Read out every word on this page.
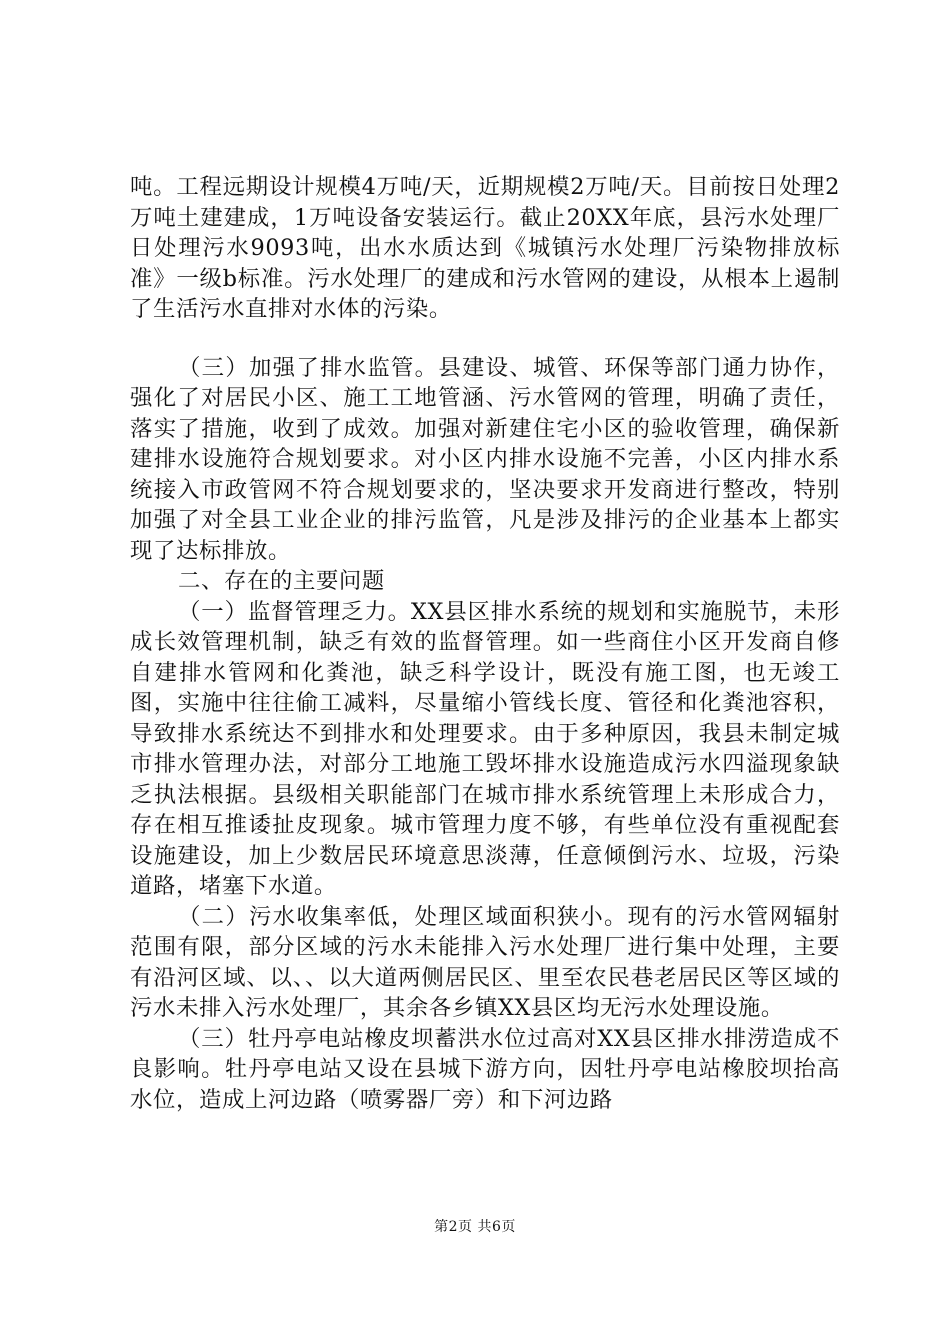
吨。工程远期设计规模4万吨/天，近期规模2万吨/天。目前按日处理2万吨土建建成，1万吨设备安装运行。截止20XX年底，县污水处理厂日处理污水9093吨，出水水质达到《城镇污水处理厂污染物排放标准》一级b标准。污水处理厂的建成和污水管网的建设，从根本上遏制了生活污水直排对水体的污染。

（三）加强了排水监管。县建设、城管、环保等部门通力协作，强化了对居民小区、施工工地管涵、污水管网的管理，明确了责任，落实了措施，收到了成效。加强对新建住宅小区的验收管理，确保新建排水设施符合规划要求。对小区内排水设施不完善，小区内排水系统接入市政管网不符合规划要求的，坚决要求开发商进行整改，特别加强了对全县工业企业的排污监管，凡是涉及排污的企业基本上都实现了达标排放。

二、存在的主要问题

（一）监督管理乏力。XX县区排水系统的规划和实施脱节，未形成长效管理机制，缺乏有效的监督管理。如一些商住小区开发商自修自建排水管网和化粪池，缺乏科学设计，既没有施工图，也无竣工图，实施中往往偷工减料，尽量缩小管线长度、管径和化粪池容积，导致排水系统达不到排水和处理要求。由于多种原因，我县未制定城市排水管理办法，对部分工地施工毁坏排水设施造成污水四溢现象缺乏执法根据。县级相关职能部门在城市排水系统管理上未形成合力，存在相互推诿扯皮现象。城市管理力度不够，有些单位没有重视配套设施建设，加上少数居民环境意思淡薄，任意倾倒污水、垃圾，污染道路，堵塞下水道。

（二）污水收集率低，处理区域面积狭小。现有的污水管网辐射范围有限，部分区域的污水未能排入污水处理厂进行集中处理，主要有沿河区域、以、、以大道两侧居民区、里至农民巷老居民区等区域的污水未排入污水处理厂，其余各乡镇XX县区均无污水处理设施。

（三）牡丹亭电站橡皮坝蓄洪水位过高对XX县区排水排涝造成不良影响。牡丹亭电站又设在县城下游方向，因牡丹亭电站橡胶坝抬高水位，造成上河边路（喷雾器厂旁）和下河边路

第2页 共6页
